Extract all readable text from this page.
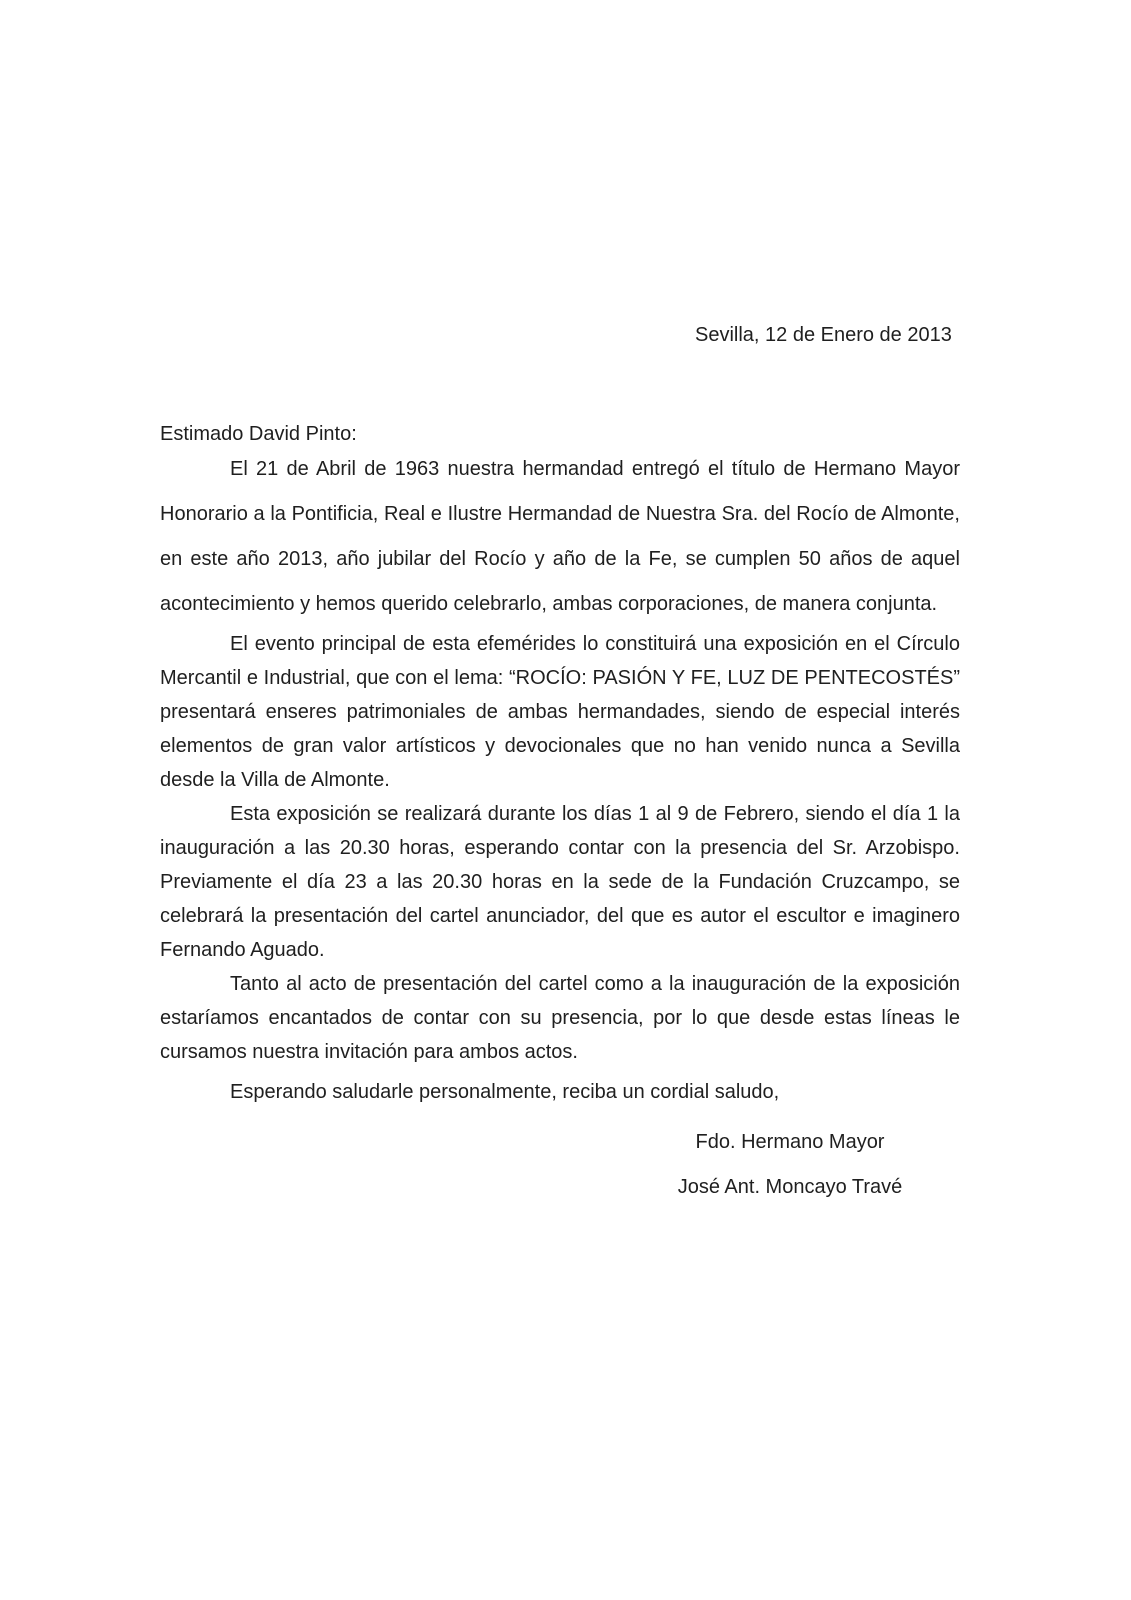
Sevilla, 12 de Enero de 2013
Estimado David Pinto:

El 21 de Abril de 1963 nuestra hermandad entregó el título de Hermano Mayor Honorario a la Pontificia, Real e Ilustre Hermandad de Nuestra Sra. del Rocío de Almonte, en este año 2013, año jubilar del Rocío y año de la Fe, se cumplen 50 años de aquel acontecimiento y hemos querido celebrarlo, ambas corporaciones, de manera conjunta.

El evento principal de esta efemérides lo constituirá una exposición en el Círculo Mercantil e Industrial, que con el lema: “ROCÍO: PASIÓN Y FE, LUZ DE PENTECOSTÉS” presentará enseres patrimoniales de ambas hermandades, siendo de especial interés elementos de gran valor artísticos y devocionales que no han venido nunca a Sevilla desde la Villa de Almonte.

Esta exposición se realizará durante los días 1 al 9 de Febrero, siendo el día 1 la inauguración a las 20.30 horas, esperando contar con la presencia del Sr. Arzobispo. Previamente el día 23 a las 20.30 horas en la sede de la Fundación Cruzcampo, se celebrará la presentación del cartel anunciador, del que es autor el escultor e imaginero Fernando Aguado.

Tanto al acto de presentación del cartel como a la inauguración de la exposición estaríamos encantados de contar con su presencia, por lo que desde estas líneas le cursamos nuestra invitación para ambos actos.

Esperando saludarle personalmente, reciba un cordial saludo,

Fdo. Hermano Mayor

José Ant. Moncayo Travé
